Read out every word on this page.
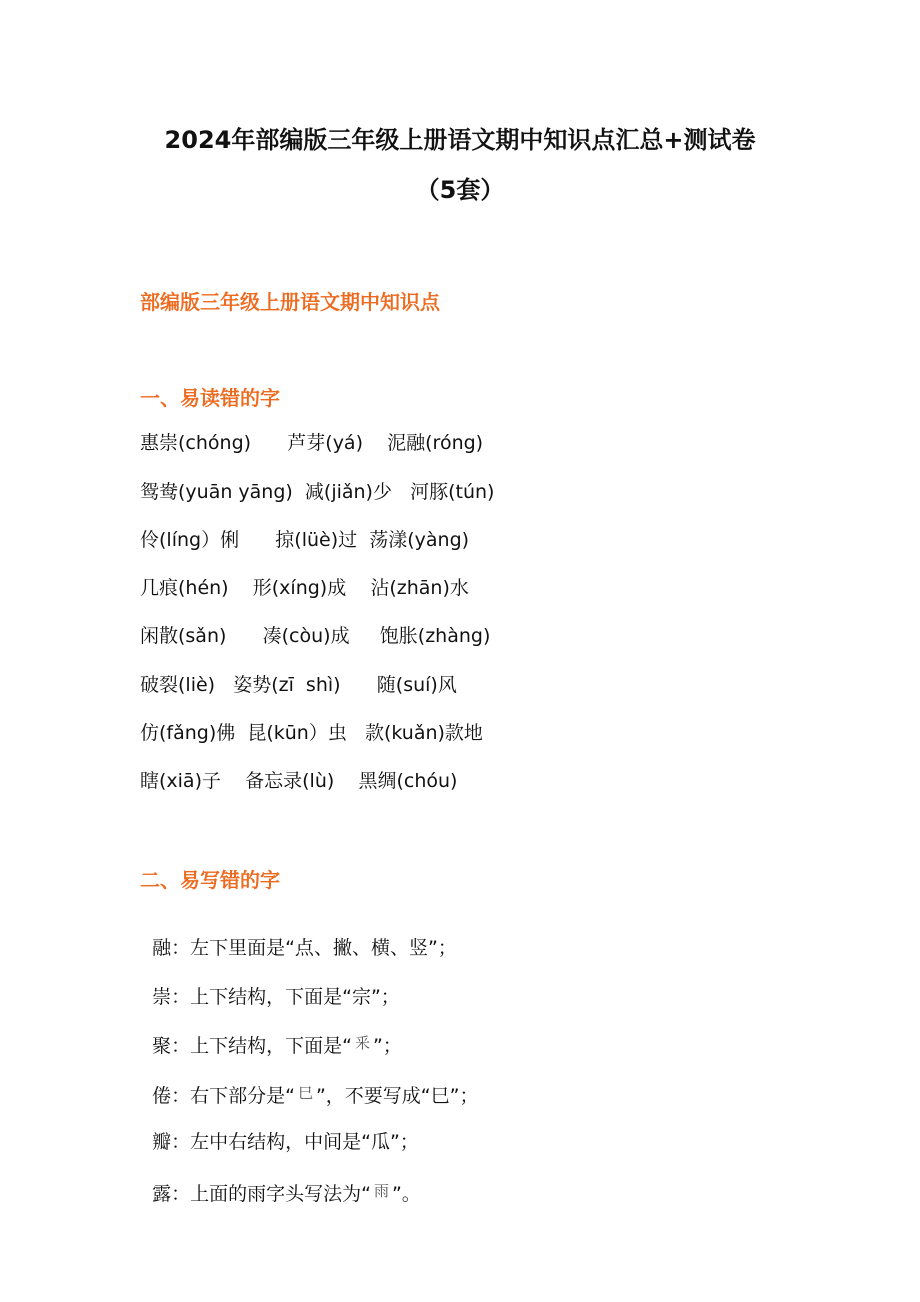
2024年部编版三年级上册语文期中知识点汇总+测试卷
（5套）
部编版三年级上册语文期中知识点
一、易读错的字
惠崇(chóng)      芦芽(yá)    泥融(róng)
鸳鸯(yuān yāng)  减(jiǎn)少   河豚(tún)
伶(líng）俐      掠(lüè)过  荡漾(yàng)
几痕(hén)    形(xíng)成    沾(zhān)水
闲散(sǎn)      凑(còu)成     饱胀(zhàng)
破裂(liè)   姿势(zī  shì)      随(suí)风
仿(fǎng)佛  昆(kūn）虫   款(kuǎn)款地
瞎(xiā)子    备忘录(lù)    黑绸(chóu)
二、易写错的字

融：左下里面是“点、撇、横、竖”；

崇：上下结构，下面是“宗”；

聚：上下结构，下面是“ 釆 ”；

倦：右下部分是“ 巳 ”，不要写成“巳”；

瓣：左中右结构，中间是“瓜”；

露：上面的雨字头写法为“ 雨 ”。
